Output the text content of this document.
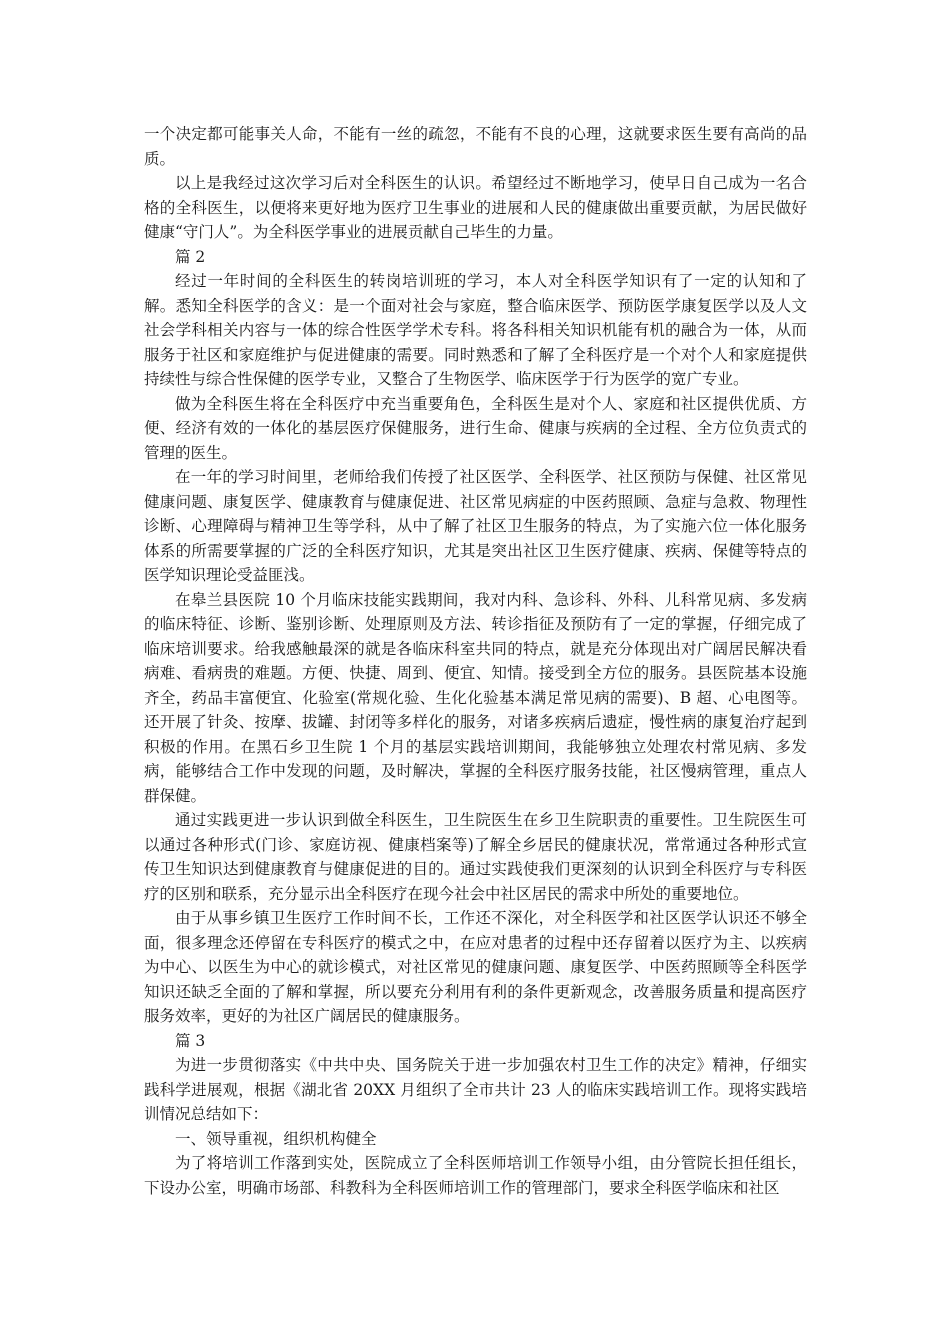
一个决定都可能事关人命，不能有一丝的疏忽，不能有不良的心理，这就要求医生要有高尚的品质。

以上是我经过这次学习后对全科医生的认识。希望经过不断地学习，使早日自己成为一名合格的全科医生，以便将来更好地为医疗卫生事业的进展和人民的健康做出重要贡献，为居民做好健康“守门人”。为全科医学事业的进展贡献自己毕生的力量。

篇 2

经过一年时间的全科医生的转岗培训班的学习，本人对全科医学知识有了一定的认知和了解。悉知全科医学的含义：是一个面对社会与家庭，整合临床医学、预防医学康复医学以及人文社会学科相关内容与一体的综合性医学学术专科。将各科相关知识机能有机的融合为一体，从而服务于社区和家庭维护与促进健康的需要。同时熟悉和了解了全科医疗是一个对个人和家庭提供持续性与综合性保健的医学专业，又整合了生物医学、临床医学于行为医学的宽广专业。

做为全科医生将在全科医疗中充当重要角色，全科医生是对个人、家庭和社区提供优质、方便、经济有效的一体化的基层医疗保健服务，进行生命、健康与疾病的全过程、全方位负责式的管理的医生。

在一年的学习时间里，老师给我们传授了社区医学、全科医学、社区预防与保健、社区常见健康问题、康复医学、健康教育与健康促进、社区常见病症的中医药照顾、急症与急救、物理性诊断、心理障碍与精神卫生等学科，从中了解了社区卫生服务的特点，为了实施六位一体化服务体系的所需要掌握的广泛的全科医疗知识，尤其是突出社区卫生医疗健康、疾病、保健等特点的医学知识理论受益匪浅。

在皋兰县医院 10 个月临床技能实践期间，我对内科、急诊科、外科、儿科常见病、多发病的临床特征、诊断、鉴别诊断、处理原则及方法、转诊指征及预防有了一定的掌握，仔细完成了临床培训要求。给我感触最深的就是各临床科室共同的特点，就是充分体现出对广阔居民解决看病难、看病贵的难题。方便、快捷、周到、便宜、知情。接受到全方位的服务。县医院基本设施齐全，药品丰富便宜、化验室(常规化验、生化化验基本满足常见病的需要)、B 超、心电图等。还开展了针灸、按摩、拔罐、封闭等多样化的服务，对诸多疾病后遗症，慢性病的康复治疗起到积极的作用。在黑石乡卫生院 1 个月的基层实践培训期间，我能够独立处理农村常见病、多发病，能够结合工作中发现的问题，及时解决，掌握的全科医疗服务技能，社区慢病管理，重点人群保健。

通过实践更进一步认识到做全科医生，卫生院医生在乡卫生院职责的重要性。卫生院医生可以通过各种形式(门诊、家庭访视、健康档案等)了解全乡居民的健康状况，常常通过各种形式宣传卫生知识达到健康教育与健康促进的目的。通过实践使我们更深刻的认识到全科医疗与专科医疗的区别和联系，充分显示出全科医疗在现今社会中社区居民的需求中所处的重要地位。

由于从事乡镇卫生医疗工作时间不长，工作还不深化，对全科医学和社区医学认识还不够全面，很多理念还停留在专科医疗的模式之中，在应对患者的过程中还存留着以医疗为主、以疾病为中心、以医生为中心的就诊模式，对社区常见的健康问题、康复医学、中医药照顾等全科医学知识还缺乏全面的了解和掌握，所以要充分利用有利的条件更新观念，改善服务质量和提高医疗服务效率，更好的为社区广阔居民的健康服务。

篇 3

为进一步贯彻落实《中共中央、国务院关于进一步加强农村卫生工作的决定》精神，仔细实践科学进展观，根据《湖北省 20XX 月组织了全市共计 23 人的临床实践培训工作。现将实践培训情况总结如下：

一、领导重视，组织机构健全

为了将培训工作落到实处，医院成立了全科医师培训工作领导小组，由分管院长担任组长，下设办公室，明确市场部、科教科为全科医师培训工作的管理部门，要求全科医学临床和社区
